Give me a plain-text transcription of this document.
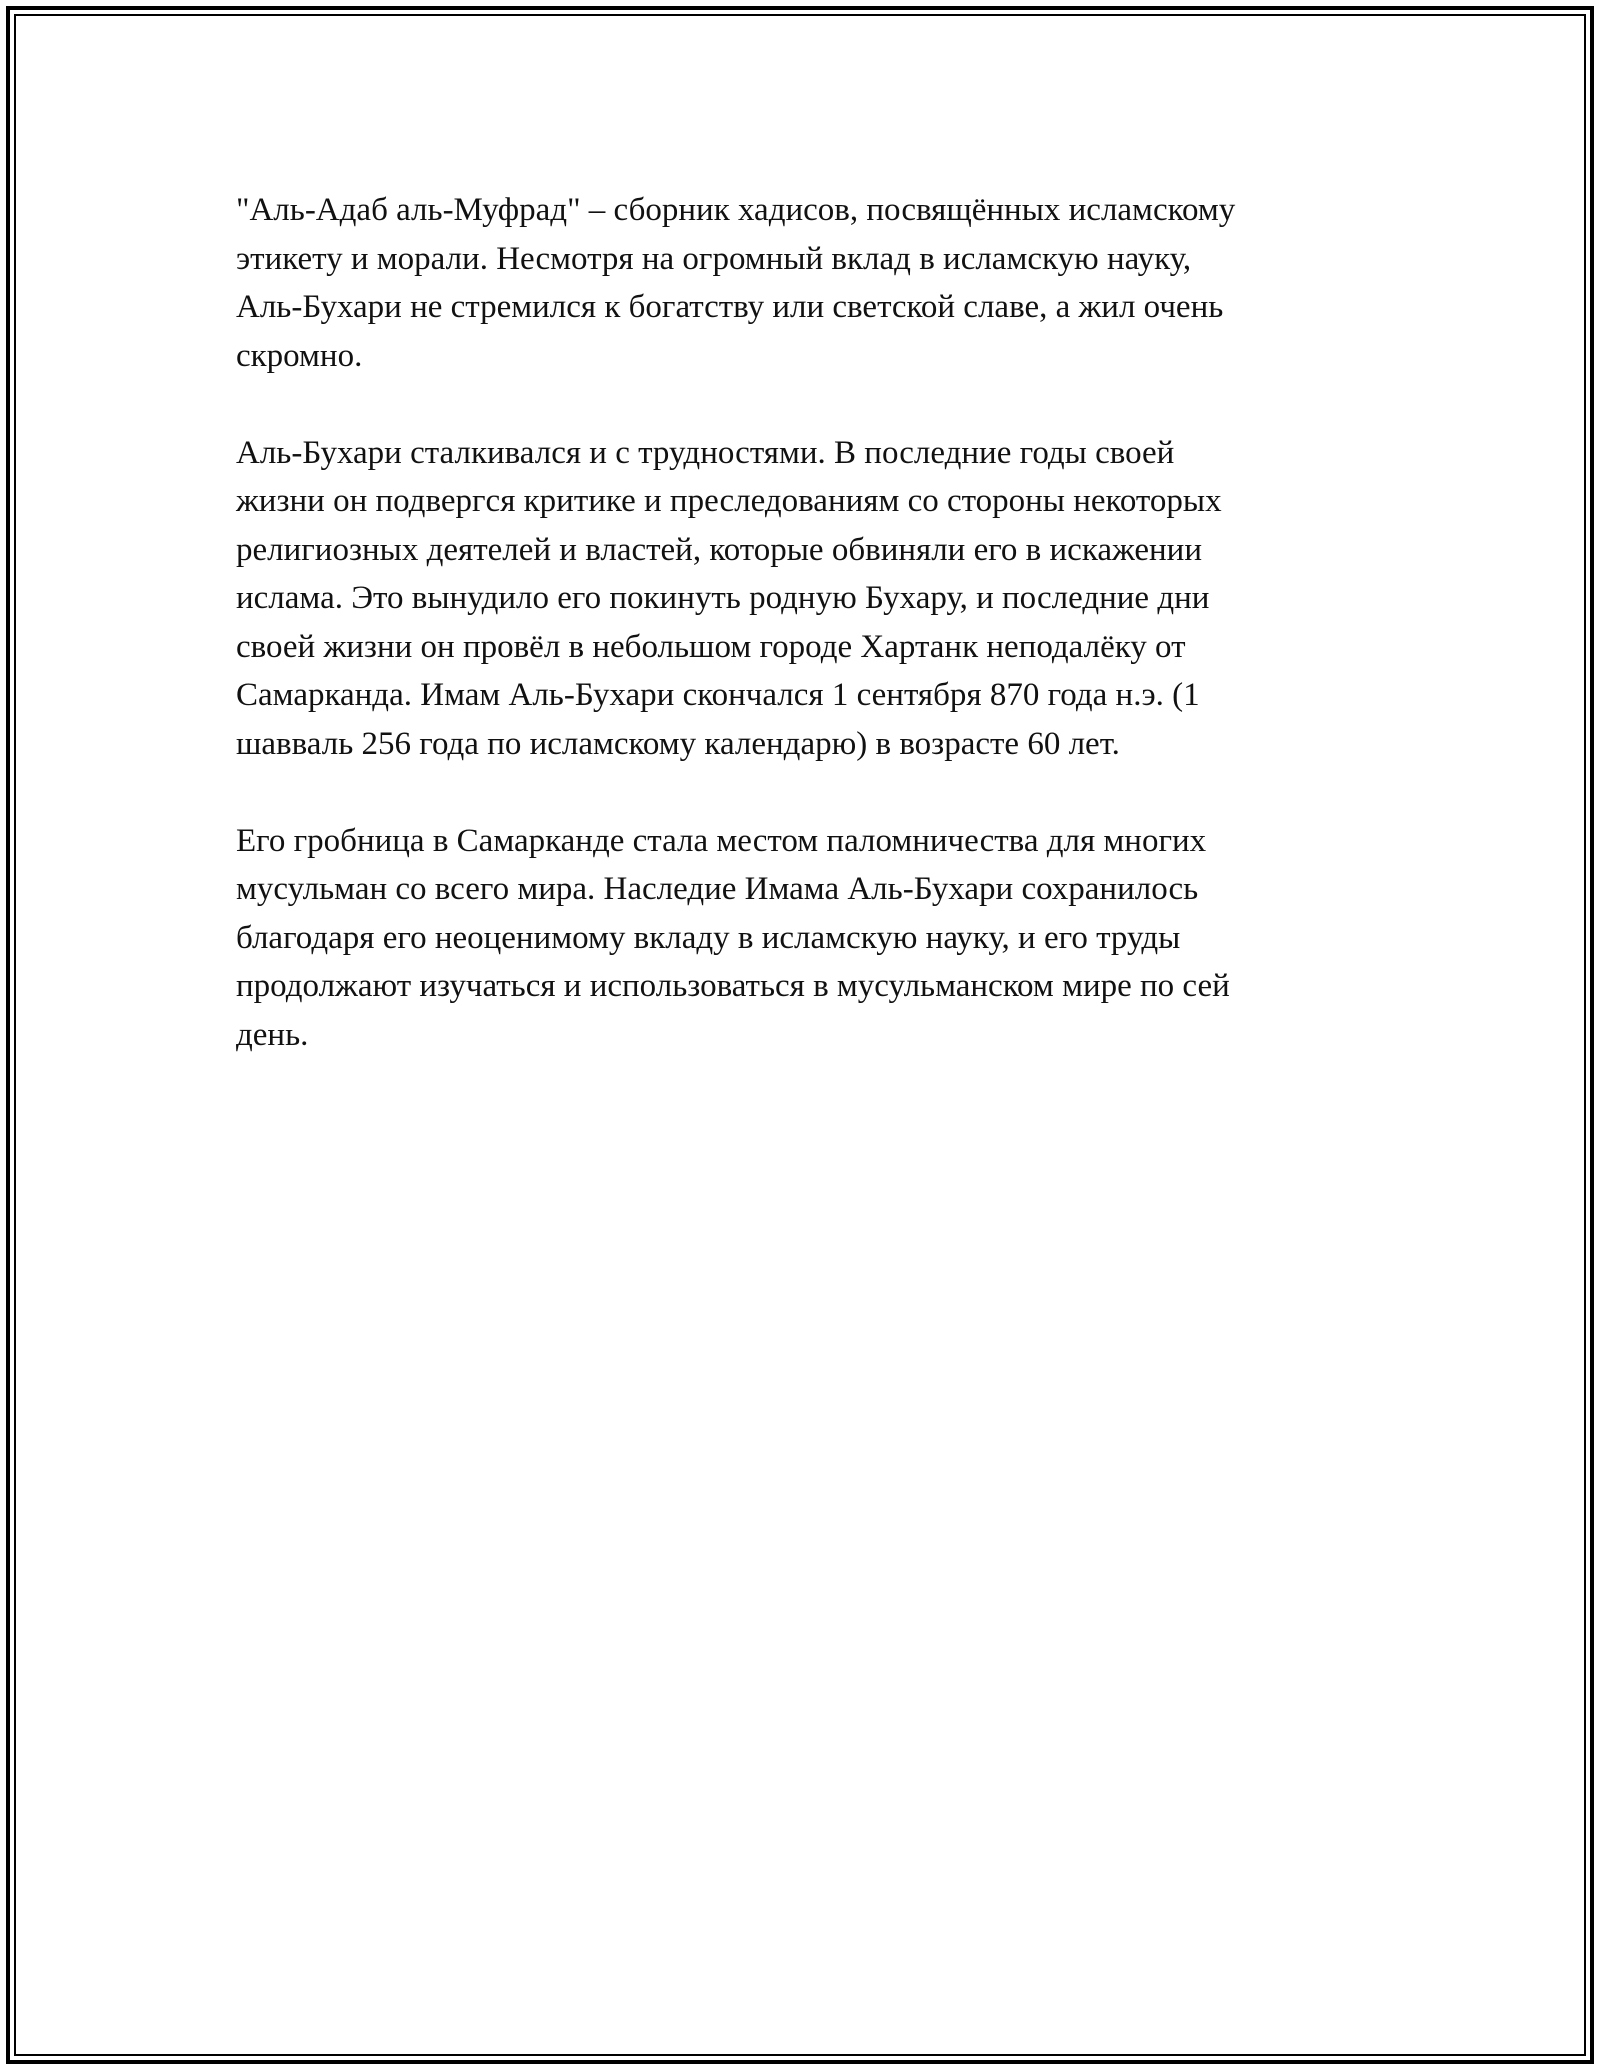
"Аль-Адаб аль-Муфрад" – сборник хадисов, посвящённых исламскому
этикету и морали. Несмотря на огромный вклад в исламскую науку,
Аль-Бухари не стремился к богатству или светской славе, а жил очень
скромно.

Аль-Бухари сталкивался и с трудностями. В последние годы своей
жизни он подвергся критике и преследованиям со стороны некоторых
религиозных деятелей и властей, которые обвиняли его в искажении
ислама. Это вынудило его покинуть родную Бухару, и последние дни
своей жизни он провёл в небольшом городе Хартанк неподалёку от
Самарканда. Имам Аль-Бухари скончался 1 сентября 870 года н.э. (1
шавваль 256 года по исламскому календарю) в возрасте 60 лет.

Его гробница в Самарканде стала местом паломничества для многих
мусульман со всего мира. Наследие Имама Аль-Бухари сохранилось
благодаря его неоценимому вкладу в исламскую науку, и его труды
продолжают изучаться и использоваться в мусульманском мире по сей
день.
